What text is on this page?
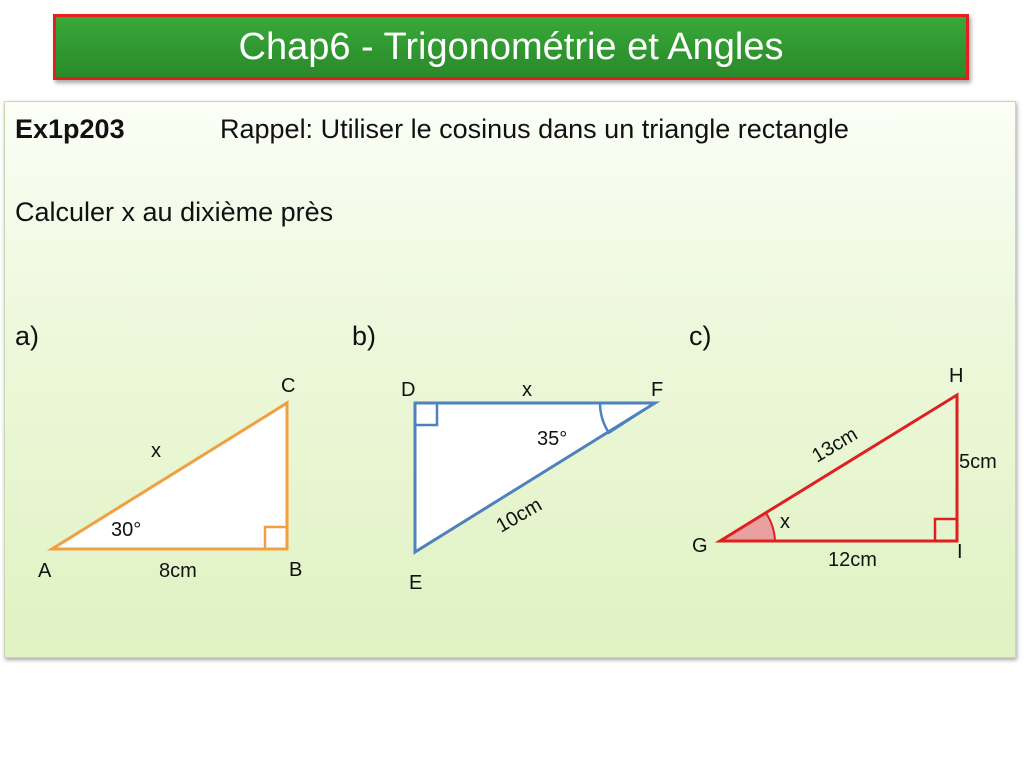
Chap6 - Trigonométrie et Angles
Ex1p203	Rappel: Utiliser le cosinus dans un triangle rectangle
Calculer x au dixième près
a)	b)	c)
C
A	B
x
8cm
30°
D	F
E
x
35°
10cm
H
G	I
5cm
12cm
x
13cm
